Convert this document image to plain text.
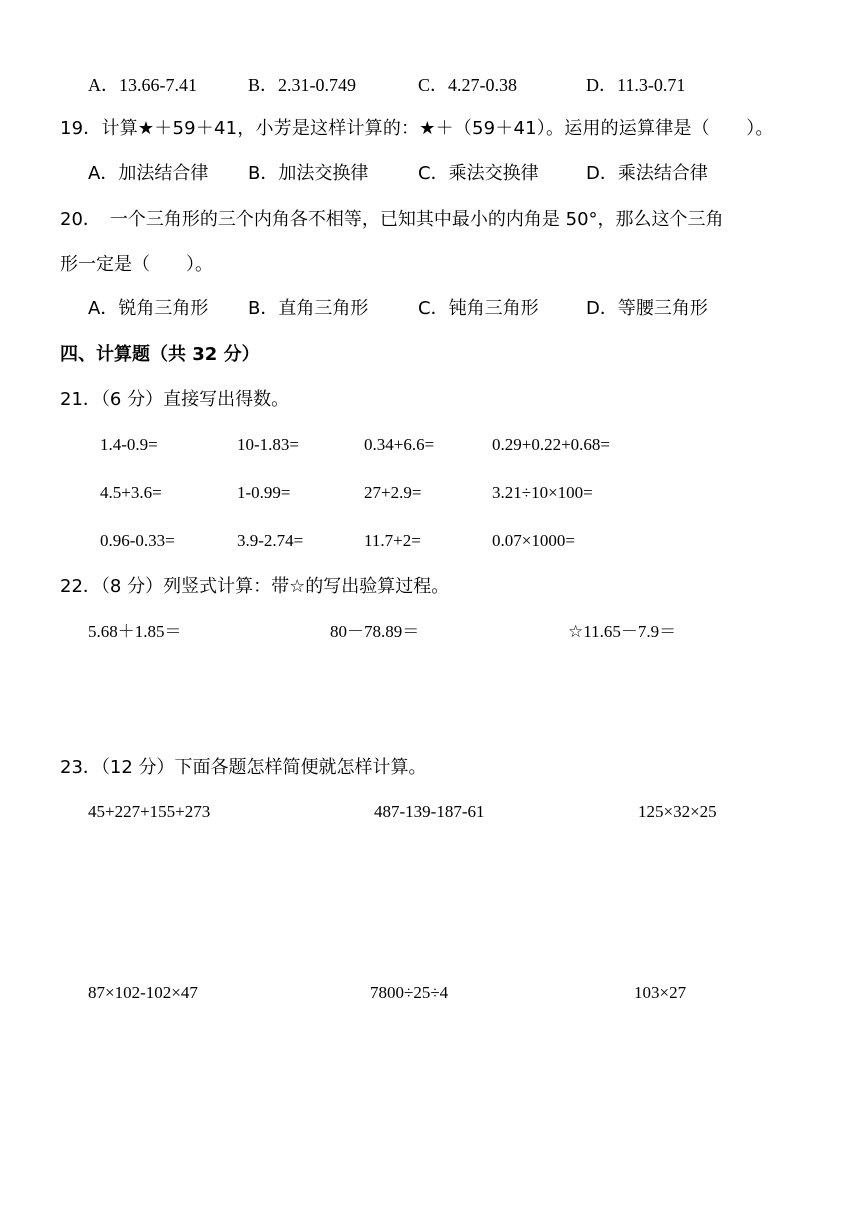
A．13.66-7.41	B．2.31-0.749	C．4.27-0.38	D．11.3-0.71
19．计算★＋59＋41，小芳是这样计算的：★＋（59＋41）。运用的运算律是（　　）。
A．加法结合律 B．加法交换律	C．乘法交换律	D．乘法结合律
20．　一个三角形的三个内角各不相等，已知其中最小的内角是 50°，那么这个三角
形一定是（　　）。
A．锐角三角形 B．直角三角形	C．钝角三角形	D．等腰三角形
四、计算题（共 32 分）
21．（6 分）直接写出得数。
1.4-0.9=	10-1.83=	0.34+6.6=	0.29+0.22+0.68=
4.5+3.6=	1-0.99=	27+2.9=	3.21÷10×100=
0.96-0.33=	3.9-2.74=	11.7+2=	0.07×1000=
22．（8 分）列竖式计算：带☆的写出验算过程。
5.68＋1.85＝	80－78.89＝	☆11.65－7.9＝
23．（12 分）下面各题怎样简便就怎样计算。
45+227+155+273	487-139-187-61	125×32×25
87×102-102×47	7800÷25÷4	103×27
